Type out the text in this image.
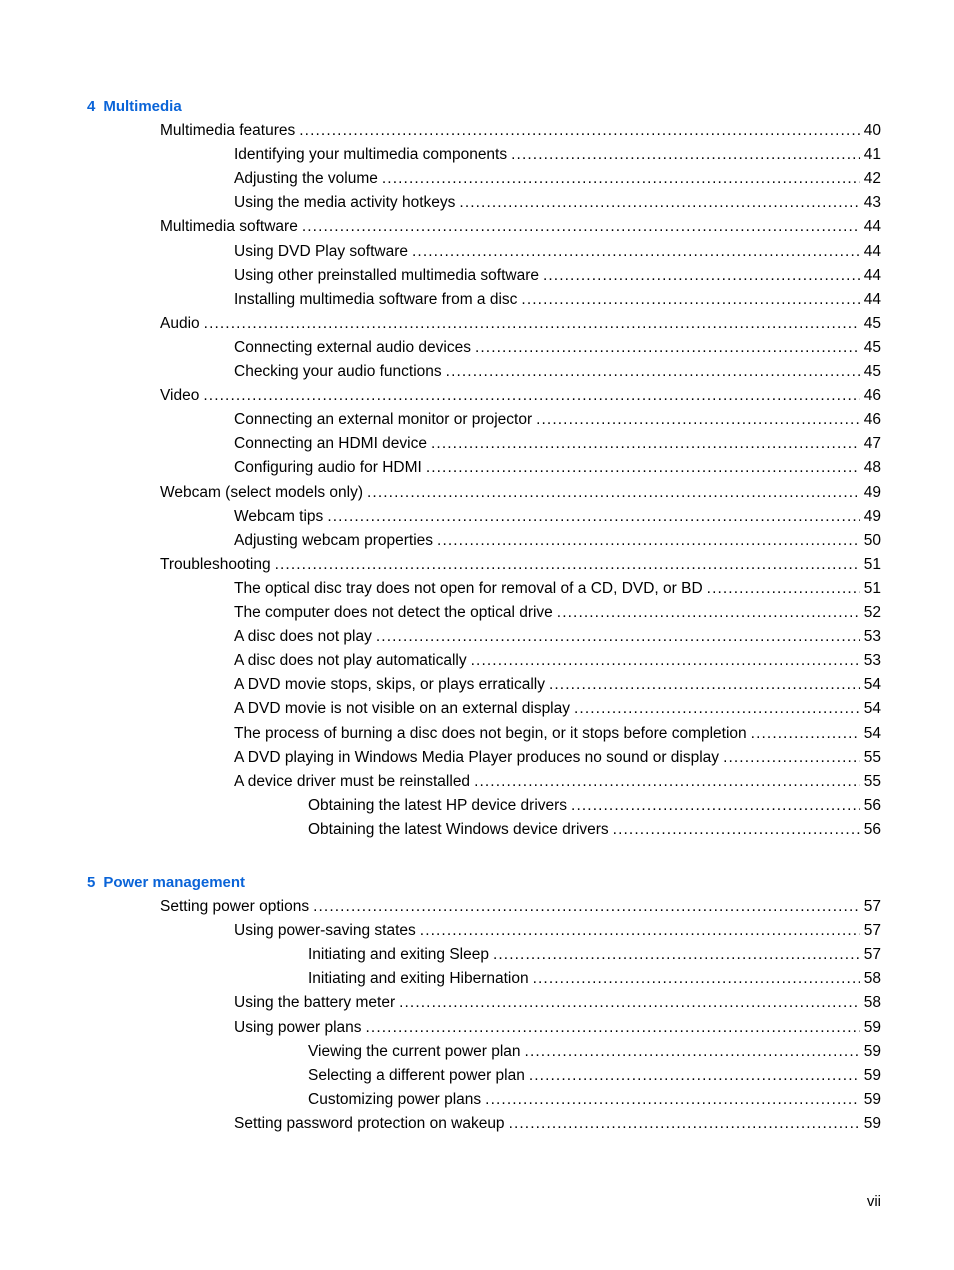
4 Multimedia
Multimedia features . . .	40
Identifying your multimedia components . . .	41
Adjusting the volume . . .	42
Using the media activity hotkeys . . .	43
Multimedia software . . .	44
Using DVD Play software . . .	44
Using other preinstalled multimedia software . . .	44
Installing multimedia software from a disc . . .	44
Audio . . .	45
Connecting external audio devices . . .	45
Checking your audio functions . . .	45
Video . . .	46
Connecting an external monitor or projector . . .	46
Connecting an HDMI device . . .	47
Configuring audio for HDMI . . .	48
Webcam (select models only) . . .	49
Webcam tips . . .	49
Adjusting webcam properties . . .	50
Troubleshooting . . .	51
The optical disc tray does not open for removal of a CD, DVD, or BD . . .	51
The computer does not detect the optical drive . . .	52
A disc does not play . . .	53
A disc does not play automatically . . .	53
A DVD movie stops, skips, or plays erratically . . .	54
A DVD movie is not visible on an external display . . .	54
The process of burning a disc does not begin, or it stops before completion . . .	54
A DVD playing in Windows Media Player produces no sound or display . . .	55
A device driver must be reinstalled . . .	55
Obtaining the latest HP device drivers . . .	56
Obtaining the latest Windows device drivers . . .	56
5 Power management
Setting power options . . .	57
Using power-saving states . . .	57
Initiating and exiting Sleep . . .	57
Initiating and exiting Hibernation . . .	58
Using the battery meter . . .	58
Using power plans . . .	59
Viewing the current power plan . . .	59
Selecting a different power plan . . .	59
Customizing power plans . . .	59
Setting password protection on wakeup . . .	59
vii
